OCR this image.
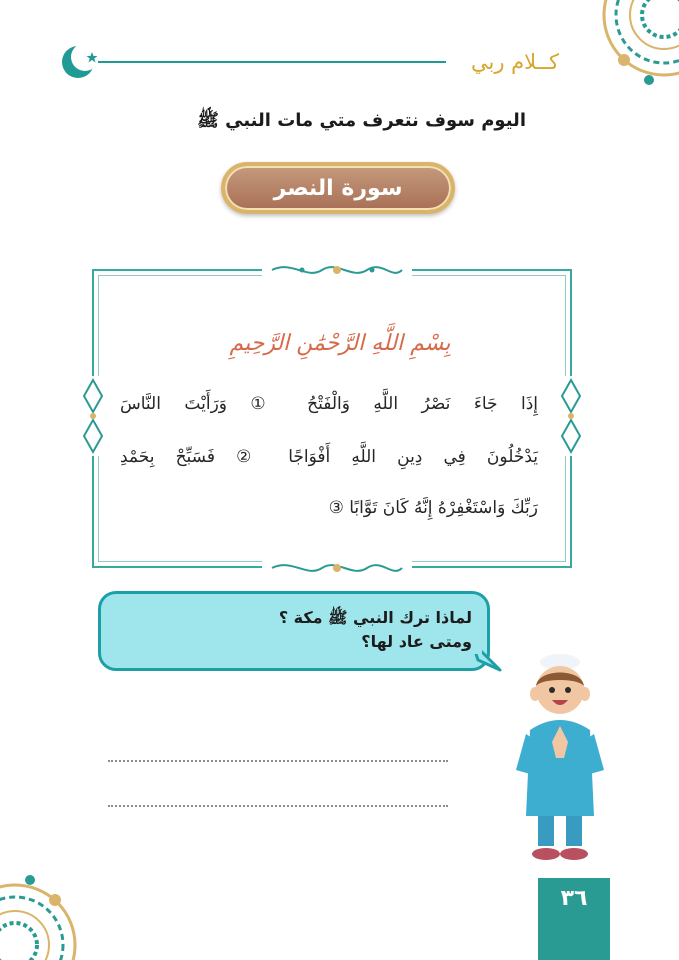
كــلام ربي
اليوم سوف نتعرف متي مات النبي ﷺ
سورة النصر
بِسْمِ اللَّهِ الرَّحْمَٰنِ الرَّحِيمِ
إِذَا جَاءَ نَصْرُ اللَّهِ وَالْفَتْحُ ① وَرَأَيْتَ النَّاسَ
يَدْخُلُونَ فِي دِينِ اللَّهِ أَفْوَاجًا ② فَسَبِّحْ بِحَمْدِ
رَبِّكَ وَاسْتَغْفِرْهُ إِنَّهُ كَانَ تَوَّابًا ③
لماذا ترك النبي ﷺ مكة ؟
ومتى عاد لها؟
٣٦
